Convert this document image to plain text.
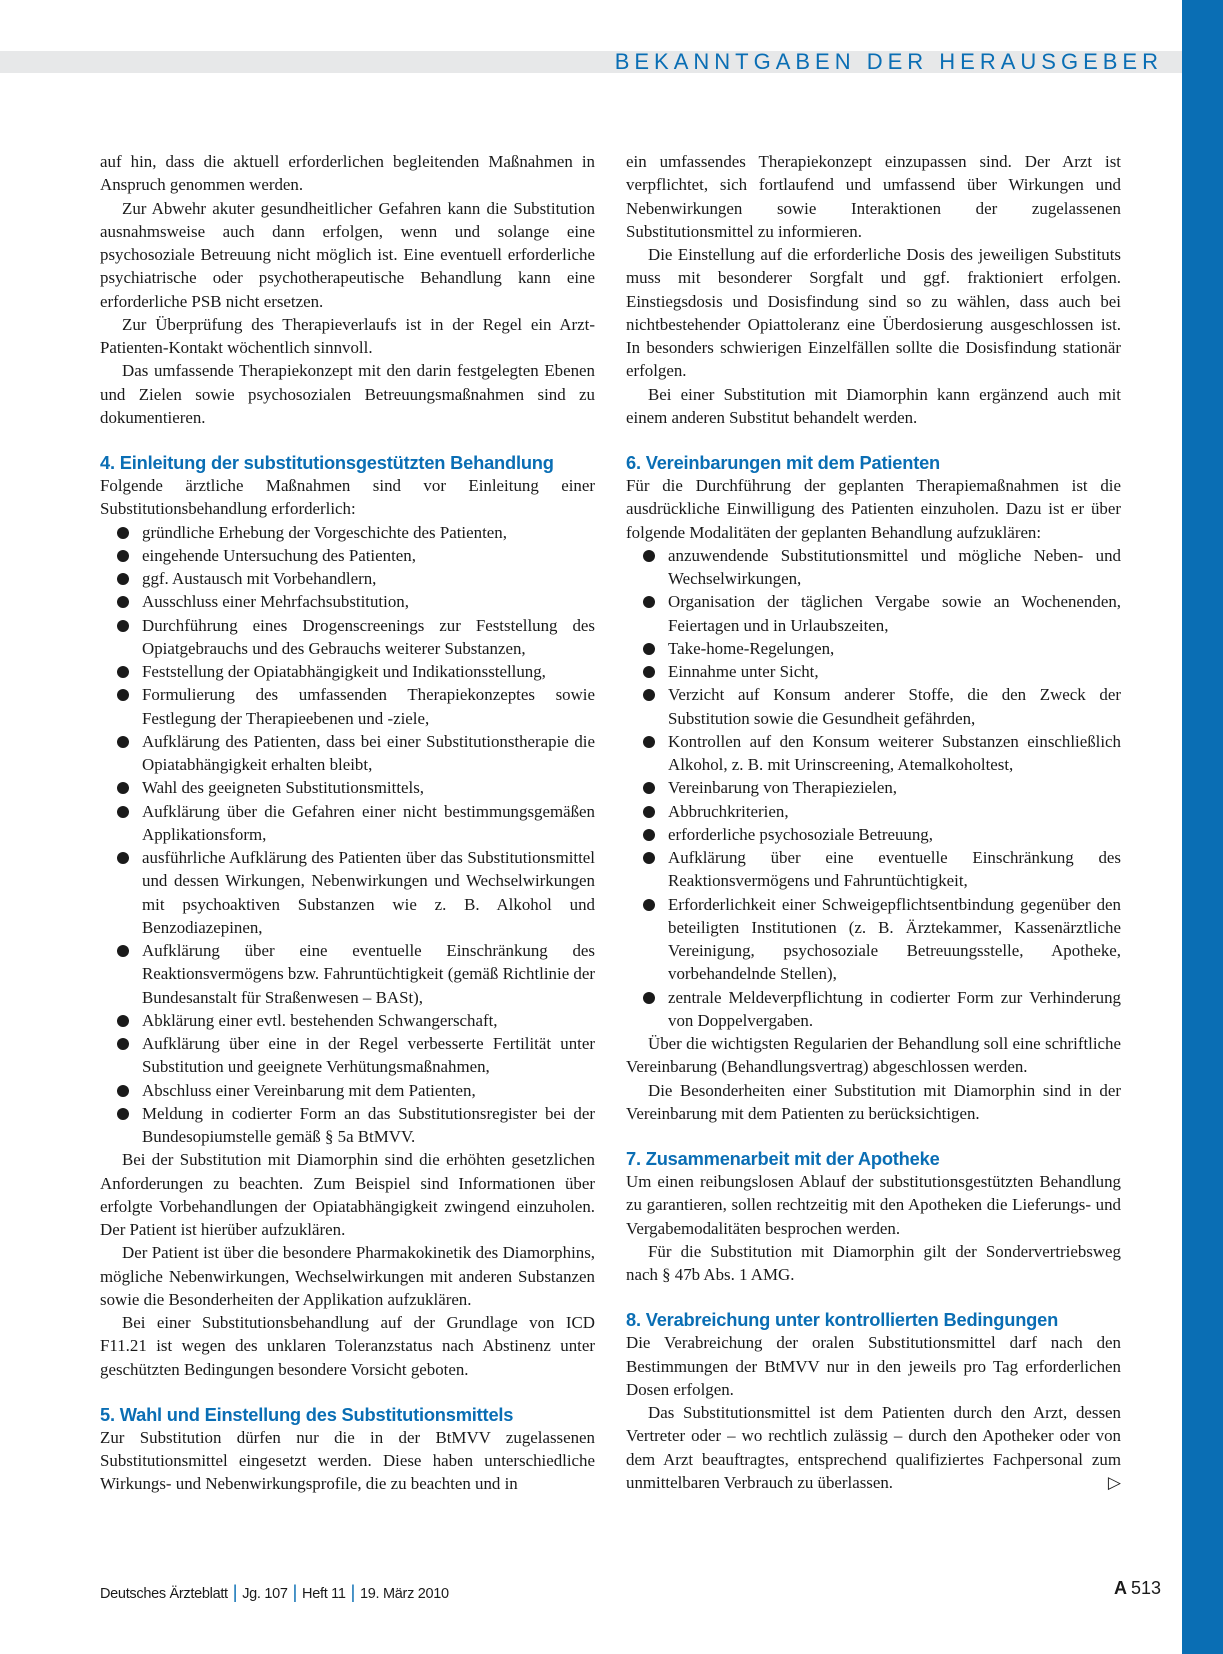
BEKANNTGABEN DER HERAUSGEBER

auf hin, dass die aktuell erforderlichen begleitenden Maßnahmen in Anspruch genommen werden.

Zur Abwehr akuter gesundheitlicher Gefahren kann die Substitution ausnahmsweise auch dann erfolgen, wenn und solange eine psychosoziale Betreuung nicht möglich ist. Eine eventuell erforderliche psychiatrische oder psychotherapeutische Behandlung kann eine erforderliche PSB nicht ersetzen.

Zur Überprüfung des Therapieverlaufs ist in der Regel ein Arzt-Patienten-Kontakt wöchentlich sinnvoll.

Das umfassende Therapiekonzept mit den darin festgelegten Ebenen und Zielen sowie psychosozialen Betreuungsmaßnahmen sind zu dokumentieren.

4. Einleitung der substitutionsgestützten Behandlung

Folgende ärztliche Maßnahmen sind vor Einleitung einer Substitutionsbehandlung erforderlich:

gründliche Erhebung der Vorgeschichte des Patienten,
eingehende Untersuchung des Patienten,
ggf. Austausch mit Vorbehandlern,
Ausschluss einer Mehrfachsubstitution,
Durchführung eines Drogenscreenings zur Feststellung des Opiatgebrauchs und des Gebrauchs weiterer Substanzen,
Feststellung der Opiatabhängigkeit und Indikationsstellung,
Formulierung des umfassenden Therapiekonzeptes sowie Festlegung der Therapieebenen und -ziele,
Aufklärung des Patienten, dass bei einer Substitutionstherapie die Opiatabhängigkeit erhalten bleibt,
Wahl des geeigneten Substitutionsmittels,
Aufklärung über die Gefahren einer nicht bestimmungsgemäßen Applikationsform,
ausführliche Aufklärung des Patienten über das Substitutionsmittel und dessen Wirkungen, Nebenwirkungen und Wechselwirkungen mit psychoaktiven Substanzen wie z. B. Alkohol und Benzodiazepinen,
Aufklärung über eine eventuelle Einschränkung des Reaktionsvermögens bzw. Fahruntüchtigkeit (gemäß Richtlinie der Bundesanstalt für Straßenwesen – BASt),
Abklärung einer evtl. bestehenden Schwangerschaft,
Aufklärung über eine in der Regel verbesserte Fertilität unter Substitution und geeignete Verhütungsmaßnahmen,
Abschluss einer Vereinbarung mit dem Patienten,
Meldung in codierter Form an das Substitutionsregister bei der Bundesopiumstelle gemäß § 5a BtMVV.

Bei der Substitution mit Diamorphin sind die erhöhten gesetzlichen Anforderungen zu beachten. Zum Beispiel sind Informationen über erfolgte Vorbehandlungen der Opiatabhängigkeit zwingend einzuholen. Der Patient ist hierüber aufzuklären.

Der Patient ist über die besondere Pharmakokinetik des Diamorphins, mögliche Nebenwirkungen, Wechselwirkungen mit anderen Substanzen sowie die Besonderheiten der Applikation aufzuklären.

Bei einer Substitutionsbehandlung auf der Grundlage von ICD F11.21 ist wegen des unklaren Toleranzstatus nach Abstinenz unter geschützten Bedingungen besondere Vorsicht geboten.

5. Wahl und Einstellung des Substitutionsmittels

Zur Substitution dürfen nur die in der BtMVV zugelassenen Substitutionsmittel eingesetzt werden. Diese haben unterschiedliche Wirkungs- und Nebenwirkungsprofile, die zu beachten und in

ein umfassendes Therapiekonzept einzupassen sind. Der Arzt ist verpflichtet, sich fortlaufend und umfassend über Wirkungen und Nebenwirkungen sowie Interaktionen der zugelassenen Substitutionsmittel zu informieren.

Die Einstellung auf die erforderliche Dosis des jeweiligen Substituts muss mit besonderer Sorgfalt und ggf. fraktioniert erfolgen. Einstiegsdosis und Dosisfindung sind so zu wählen, dass auch bei nichtbestehender Opiattoleranz eine Überdosierung ausgeschlossen ist. In besonders schwierigen Einzelfällen sollte die Dosisfindung stationär erfolgen.

Bei einer Substitution mit Diamorphin kann ergänzend auch mit einem anderen Substitut behandelt werden.

6. Vereinbarungen mit dem Patienten

Für die Durchführung der geplanten Therapiemaßnahmen ist die ausdrückliche Einwilligung des Patienten einzuholen. Dazu ist er über folgende Modalitäten der geplanten Behandlung aufzuklären:

anzuwendende Substitutionsmittel und mögliche Neben- und Wechselwirkungen,
Organisation der täglichen Vergabe sowie an Wochenenden, Feiertagen und in Urlaubszeiten,
Take-home-Regelungen,
Einnahme unter Sicht,
Verzicht auf Konsum anderer Stoffe, die den Zweck der Substitution sowie die Gesundheit gefährden,
Kontrollen auf den Konsum weiterer Substanzen einschließlich Alkohol, z. B. mit Urinscreening, Atemalkoholtest,
Vereinbarung von Therapiezielen,
Abbruchkriterien,
erforderliche psychosoziale Betreuung,
Aufklärung über eine eventuelle Einschränkung des Reaktionsvermögens und Fahruntüchtigkeit,
Erforderlichkeit einer Schweigepflichtsentbindung gegenüber den beteiligten Institutionen (z. B. Ärztekammer, Kassenärztliche Vereinigung, psychosoziale Betreuungsstelle, Apotheke, vorbehandelnde Stellen),
zentrale Meldeverpflichtung in codierter Form zur Verhinderung von Doppelvergaben.

Über die wichtigsten Regularien der Behandlung soll eine schriftliche Vereinbarung (Behandlungsvertrag) abgeschlossen werden.

Die Besonderheiten einer Substitution mit Diamorphin sind in der Vereinbarung mit dem Patienten zu berücksichtigen.

7. Zusammenarbeit mit der Apotheke

Um einen reibungslosen Ablauf der substitutionsgestützten Behandlung zu garantieren, sollen rechtzeitig mit den Apotheken die Lieferungs- und Vergabemodalitäten besprochen werden.

Für die Substitution mit Diamorphin gilt der Sondervertriebsweg nach § 47b Abs. 1 AMG.

8. Verabreichung unter kontrollierten Bedingungen

Die Verabreichung der oralen Substitutionsmittel darf nach den Bestimmungen der BtMVV nur in den jeweils pro Tag erforderlichen Dosen erfolgen.

Das Substitutionsmittel ist dem Patienten durch den Arzt, dessen Vertreter oder – wo rechtlich zulässig – durch den Apotheker oder von dem Arzt beauftragtes, entsprechend qualifiziertes Fachpersonal zum unmittelbaren Verbrauch zu überlassen.	▷
Deutsches Ärzteblatt | Jg. 107 | Heft 11 | 19. März 2010	A 513
